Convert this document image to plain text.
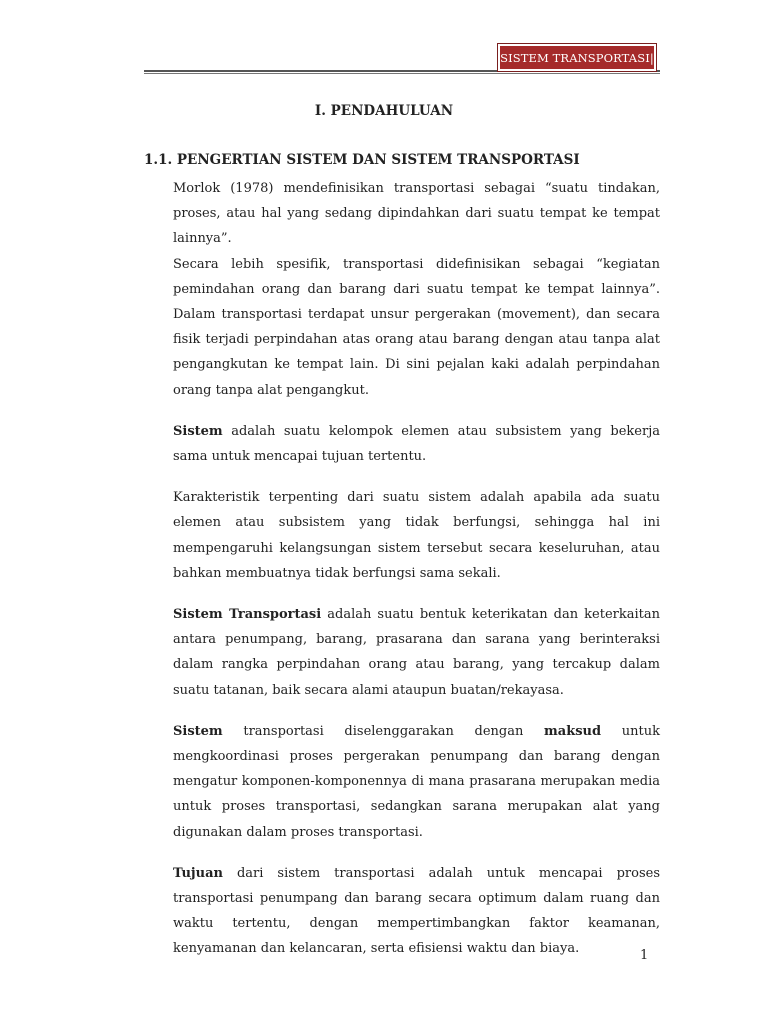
SISTEM TRANSPORTASI|
I. PENDAHULUAN
1.1. PENGERTIAN SISTEM DAN SISTEM TRANSPORTASI

Morlok (1978) mendefinisikan transportasi sebagai “suatu tindakan, proses, atau hal yang sedang dipindahkan dari suatu tempat ke tempat lainnya”.

Secara lebih spesifik, transportasi didefinisikan sebagai “kegiatan pemindahan orang dan barang dari suatu tempat ke tempat lainnya”. Dalam transportasi terdapat unsur pergerakan (movement), dan secara fisik terjadi perpindahan atas orang atau barang dengan atau tanpa alat pengangkutan ke tempat lain. Di sini pejalan kaki adalah perpindahan orang tanpa alat pengangkut.

Sistem adalah suatu kelompok elemen atau subsistem yang bekerja sama untuk mencapai tujuan tertentu.

Karakteristik terpenting dari suatu sistem adalah apabila ada suatu elemen atau subsistem yang tidak berfungsi, sehingga hal ini mempengaruhi kelangsungan sistem tersebut secara keseluruhan, atau bahkan membuatnya tidak berfungsi sama sekali.

Sistem Transportasi adalah suatu bentuk keterikatan dan keterkaitan antara penumpang, barang, prasarana dan sarana yang berinteraksi dalam rangka perpindahan orang atau barang, yang tercakup dalam suatu tatanan, baik secara alami ataupun buatan/rekayasa.

Sistem transportasi diselenggarakan dengan maksud untuk mengkoordinasi proses pergerakan penumpang dan barang dengan mengatur komponen-komponennya di mana prasarana merupakan media untuk proses transportasi, sedangkan sarana merupakan alat yang digunakan dalam proses transportasi.

Tujuan dari sistem transportasi adalah untuk mencapai proses transportasi penumpang dan barang secara optimum dalam ruang dan waktu tertentu, dengan mempertimbangkan faktor keamanan, kenyamanan dan kelancaran, serta efisiensi waktu dan biaya.	1
